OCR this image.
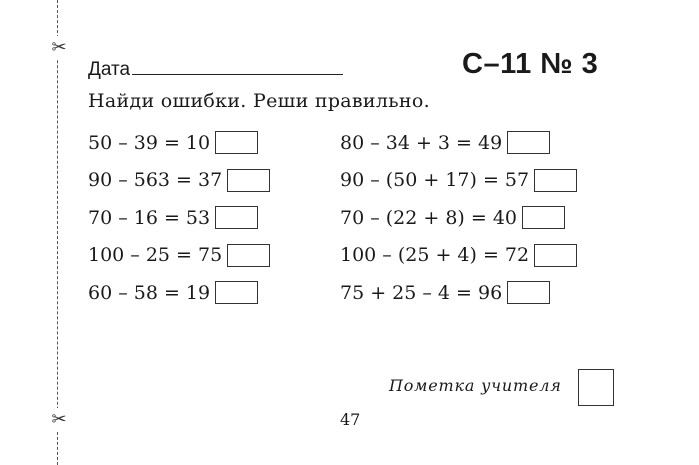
✂
✂
Дата	С–11 № 3
Найди ошибки. Реши правильно.
50 – 39 = 10
90 – 563 = 37
70 – 16 = 53
100 – 25 = 75
60 – 58 = 19
80 – 34 + 3 = 49
90 – (50 + 17) = 57
70 – (22 + 8) = 40
100 – (25 + 4) = 72
75 + 25 – 4 = 96
Пометка учителя
47
